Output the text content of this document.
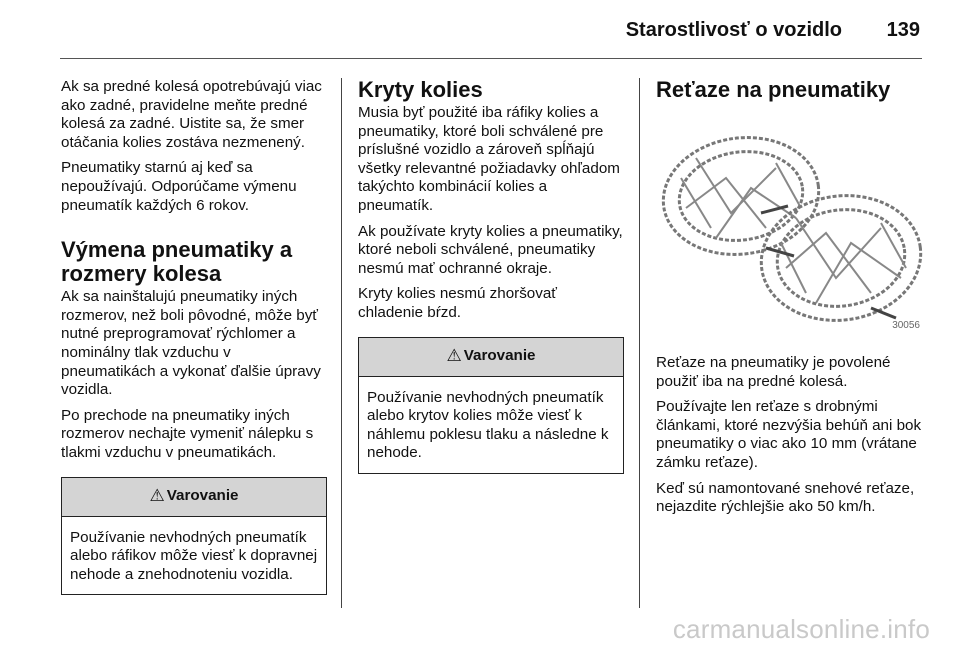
Starostlivosť o vozidlo 139

Ak sa predné kolesá opotrebúvajú viac ako zadné, pravidelne meňte predné kolesá za zadné. Uistite sa, že smer otáčania kolies zostáva nezmenený.

Pneumatiky starnú aj keď sa nepoužívajú. Odporúčame výmenu pneumatík každých 6 rokov.

Výmena pneumatiky a rozmery kolesa

Ak sa nainštalujú pneumatiky iných rozmerov, než boli pôvodné, môže byť nutné preprogramovať rýchlomer a nominálny tlak vzduchu v pneumatikách a vykonať ďalšie úpravy vozidla.

Po prechode na pneumatiky iných rozmerov nechajte vymeniť nálepku s tlakmi vzduchu v pneumatikách.

⚠ Varovanie
Používanie nevhodných pneumatík alebo ráfikov môže viesť k dopravnej nehode a znehodnoteniu vozidla.
Kryty kolies

Musia byť použité iba ráfiky kolies a pneumatiky, ktoré boli schválené pre príslušné vozidlo a zároveň spĺňajú všetky relevantné požiadavky ohľadom takýchto kombinácií kolies a pneumatík.

Ak používate kryty kolies a pneumatiky, ktoré neboli schválené, pneumatiky nesmú mať ochranné okraje.

Kryty kolies nesmú zhoršovať chladenie bŕzd.

⚠ Varovanie
Používanie nevhodných pneumatík alebo krytov kolies môže viesť k náhlemu poklesu tlaku a následne k nehode.
Reťaze na pneumatiky
30056

Reťaze na pneumatiky je povolené použiť iba na predné kolesá.

Používajte len reťaze s drobnými článkami, ktoré nezvýšia behúň ani bok pneumatiky o viac ako 10 mm (vrátane zámku reťaze).

Keď sú namontované snehové reťaze, nejazdite rýchlejšie ako 50 km/h.

carmanualsonline.info
